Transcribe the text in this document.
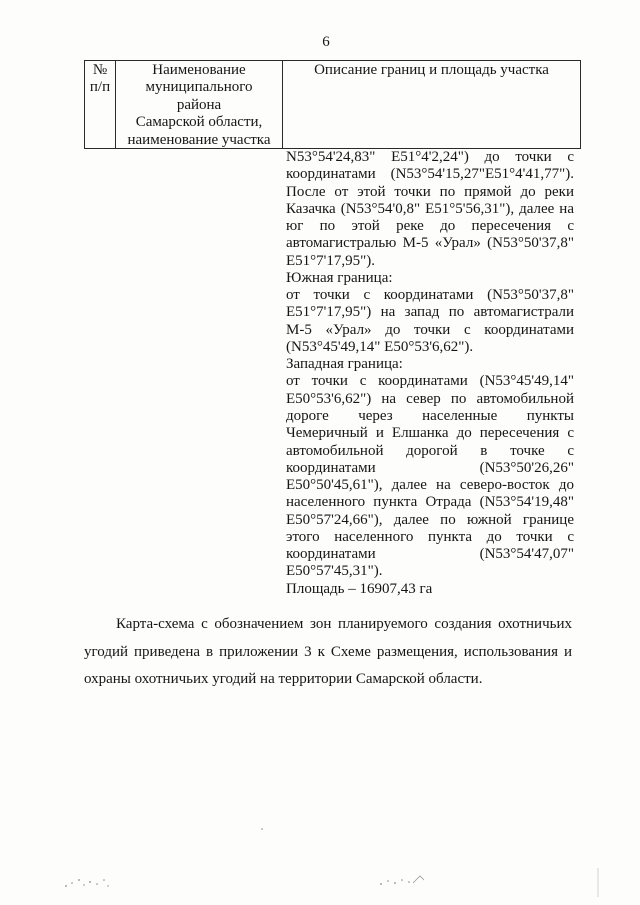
6
№
п/п
Наименование
муниципального
района
Самарской области,
наименование участка
Описание границ и площадь участка
N53°54'24,83" E51°4'2,24") до точки с
координатами (N53°54'15,27"E51°4'41,77").
После от этой точки по прямой до реки
Казачка (N53°54'0,8" E51°5'56,31"), далее на
юг по этой реке до пересечения с
автомагистралью М-5 «Урал» (N53°50'37,8"
E51°7'17,95").
Южная граница:
от точки с координатами (N53°50'37,8"
E51°7'17,95") на запад по автомагистрали
М-5 «Урал» до точки с координатами
(N53°45'49,14" E50°53'6,62").
Западная граница:
от точки с координатами (N53°45'49,14"
E50°53'6,62") на север по автомобильной
дороге через населенные пункты
Чемеричный и Елшанка до пересечения с
автомобильной дорогой в точке с
координатами (N53°50'26,26"
E50°50'45,61"), далее на северо-восток до
населенного пункта Отрада (N53°54'19,48"
E50°57'24,66"), далее по южной границе
этого населенного пункта до точки с
координатами (N53°54'47,07"
E50°57'45,31").
Площадь – 16907,43 га
Карта-схема с обозначением зон планируемого создания охотничьих
угодий приведена в приложении 3 к Схеме размещения, использования и
охраны охотничьих угодий на территории Самарской области.
